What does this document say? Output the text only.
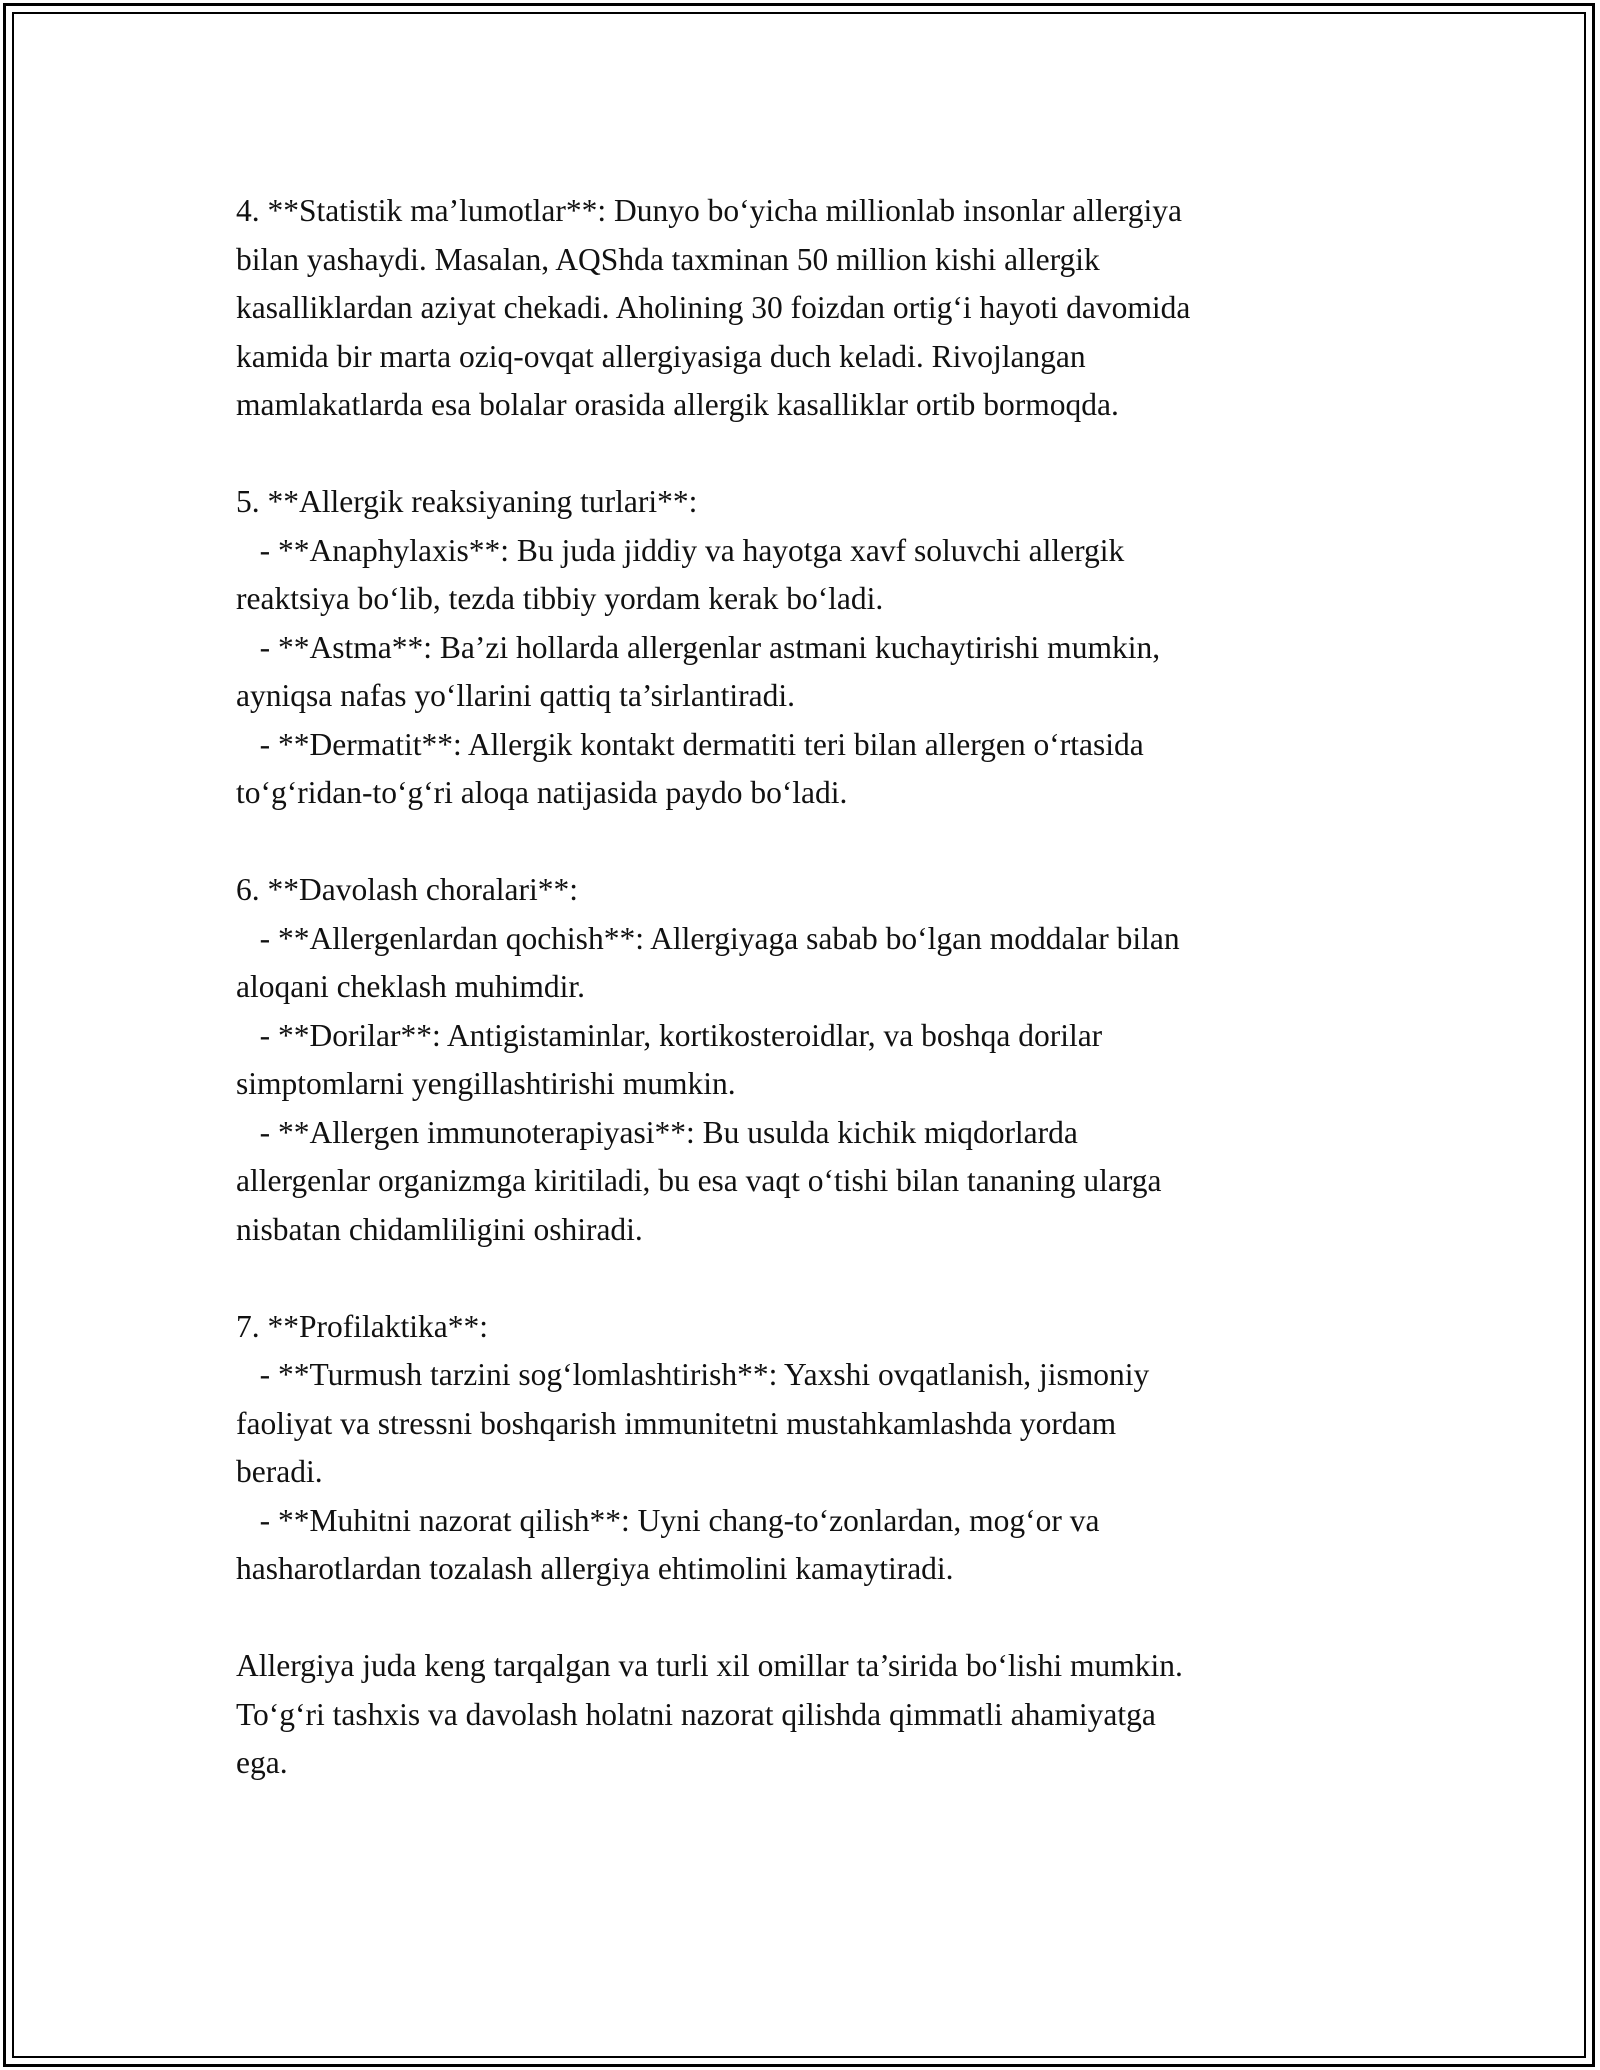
4. **Statistik ma’lumotlar**: Dunyo bo‘yicha millionlab insonlar allergiya
bilan yashaydi. Masalan, AQShda taxminan 50 million kishi allergik
kasalliklardan aziyat chekadi. Aholining 30 foizdan ortig‘i hayoti davomida
kamida bir marta oziq-ovqat allergiyasiga duch keladi. Rivojlangan
mamlakatlarda esa bolalar orasida allergik kasalliklar ortib bormoqda.
5. **Allergik reaksiyaning turlari**:
- **Anaphylaxis**: Bu juda jiddiy va hayotga xavf soluvchi allergik
reaktsiya bo‘lib, tezda tibbiy yordam kerak bo‘ladi.
- **Astma**: Ba’zi hollarda allergenlar astmani kuchaytirishi mumkin,
ayniqsa nafas yo‘llarini qattiq ta’sirlantiradi.
- **Dermatit**: Allergik kontakt dermatiti teri bilan allergen o‘rtasida
to‘g‘ridan-to‘g‘ri aloqa natijasida paydo bo‘ladi.
6. **Davolash choralari**:
- **Allergenlardan qochish**: Allergiyaga sabab bo‘lgan moddalar bilan
aloqani cheklash muhimdir.
- **Dorilar**: Antigistaminlar, kortikosteroidlar, va boshqa dorilar
simptomlarni yengillashtirishi mumkin.
- **Allergen immunoterapiyasi**: Bu usulda kichik miqdorlarda
allergenlar organizmga kiritiladi, bu esa vaqt o‘tishi bilan tananing ularga
nisbatan chidamliligini oshiradi.
7. **Profilaktika**:
- **Turmush tarzini sog‘lomlashtirish**: Yaxshi ovqatlanish, jismoniy
faoliyat va stressni boshqarish immunitetni mustahkamlashda yordam
beradi.
- **Muhitni nazorat qilish**: Uyni chang-to‘zonlardan, mog‘or va
hasharotlardan tozalash allergiya ehtimolini kamaytiradi.
Allergiya juda keng tarqalgan va turli xil omillar ta’sirida bo‘lishi mumkin.
To‘g‘ri tashxis va davolash holatni nazorat qilishda qimmatli ahamiyatga
ega.
